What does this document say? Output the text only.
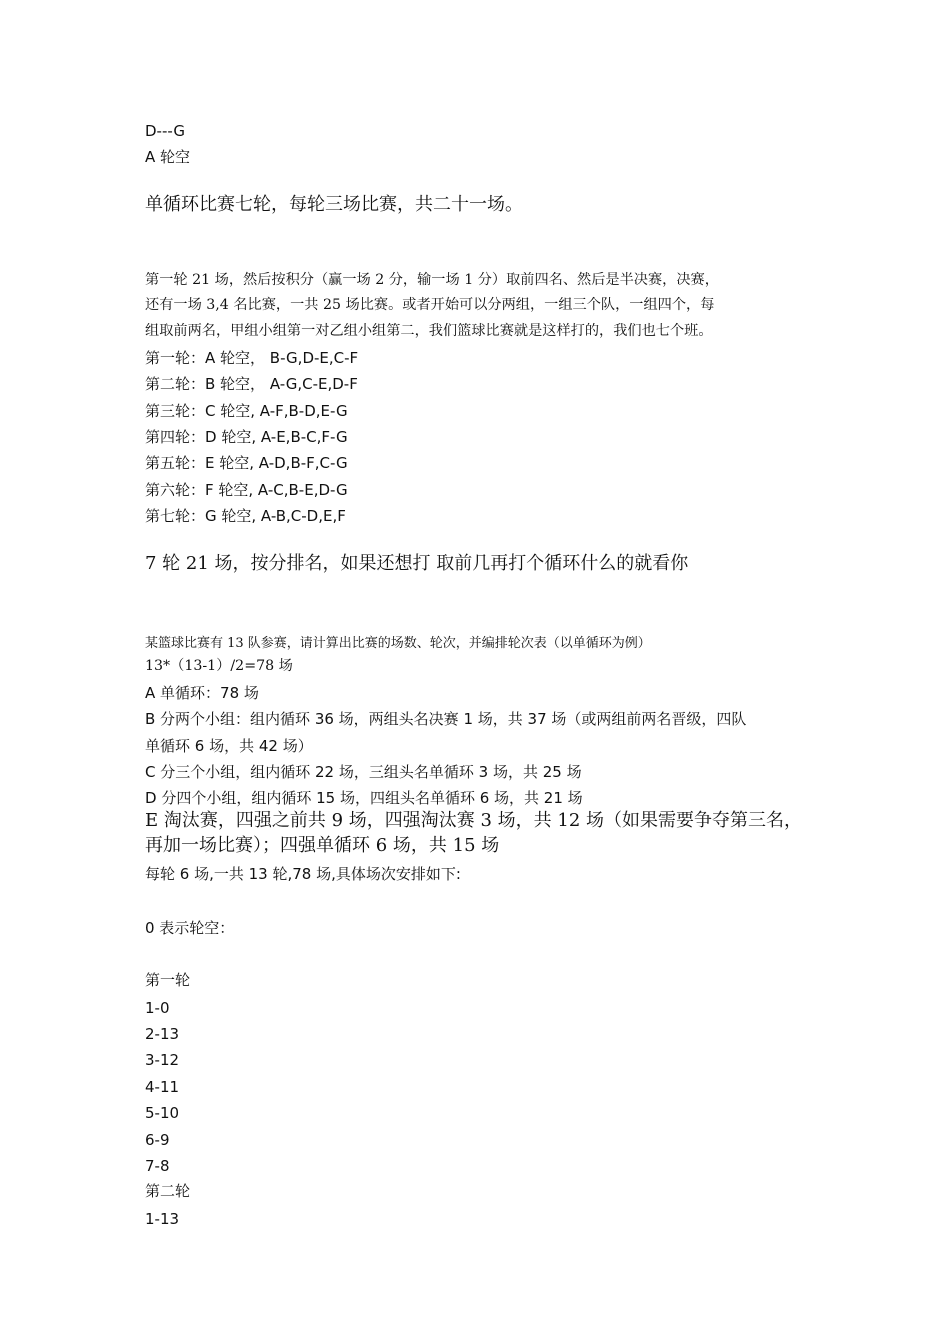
D---G
A 轮空
单循环比赛七轮，每轮三场比赛，共二十一场。
第一轮 21 场，然后按积分（赢一场 2 分，输一场 1 分）取前四名、然后是半决赛，决赛，
还有一场 3,4 名比赛，一共 25 场比赛。或者开始可以分两组，一组三个队，一组四个，每
组取前两名，甲组小组第一对乙组小组第二，我们篮球比赛就是这样打的，我们也七个班。
第一轮：A 轮空， B-G,D-E,C-F
第二轮：B 轮空， A-G,C-E,D-F
第三轮：C 轮空, A-F,B-D,E-G
第四轮：D 轮空, A-E,B-C,F-G
第五轮：E 轮空, A-D,B-F,C-G
第六轮：F 轮空, A-C,B-E,D-G
第七轮：G 轮空, A-B,C-D,E,F
7 轮 21 场，按分排名，如果还想打 取前几再打个循环什么的就看你
某篮球比赛有 13 队参赛，请计算出比赛的场数、轮次，并编排轮次表（以单循环为例）
13*（13-1）/2=78 场
A 单循环：78 场
B 分两个小组：组内循环 36 场，两组头名决赛 1 场，共 37 场（或两组前两名晋级，四队
单循环 6 场，共 42 场）
C 分三个小组，组内循环 22 场，三组头名单循环 3 场，共 25 场
D 分四个小组，组内循环 15 场，四组头名单循环 6 场，共 21 场
E 淘汰赛，四强之前共 9 场，四强淘汰赛 3 场，共 12 场（如果需要争夺第三名，
再加一场比赛）；四强单循环 6 场，共 15 场
每轮 6 场,一共 13 轮,78 场,具体场次安排如下:
0 表示轮空：
第一轮
1-0
2-13
3-12
4-11
5-10
6-9
7-8
第二轮
1-13
